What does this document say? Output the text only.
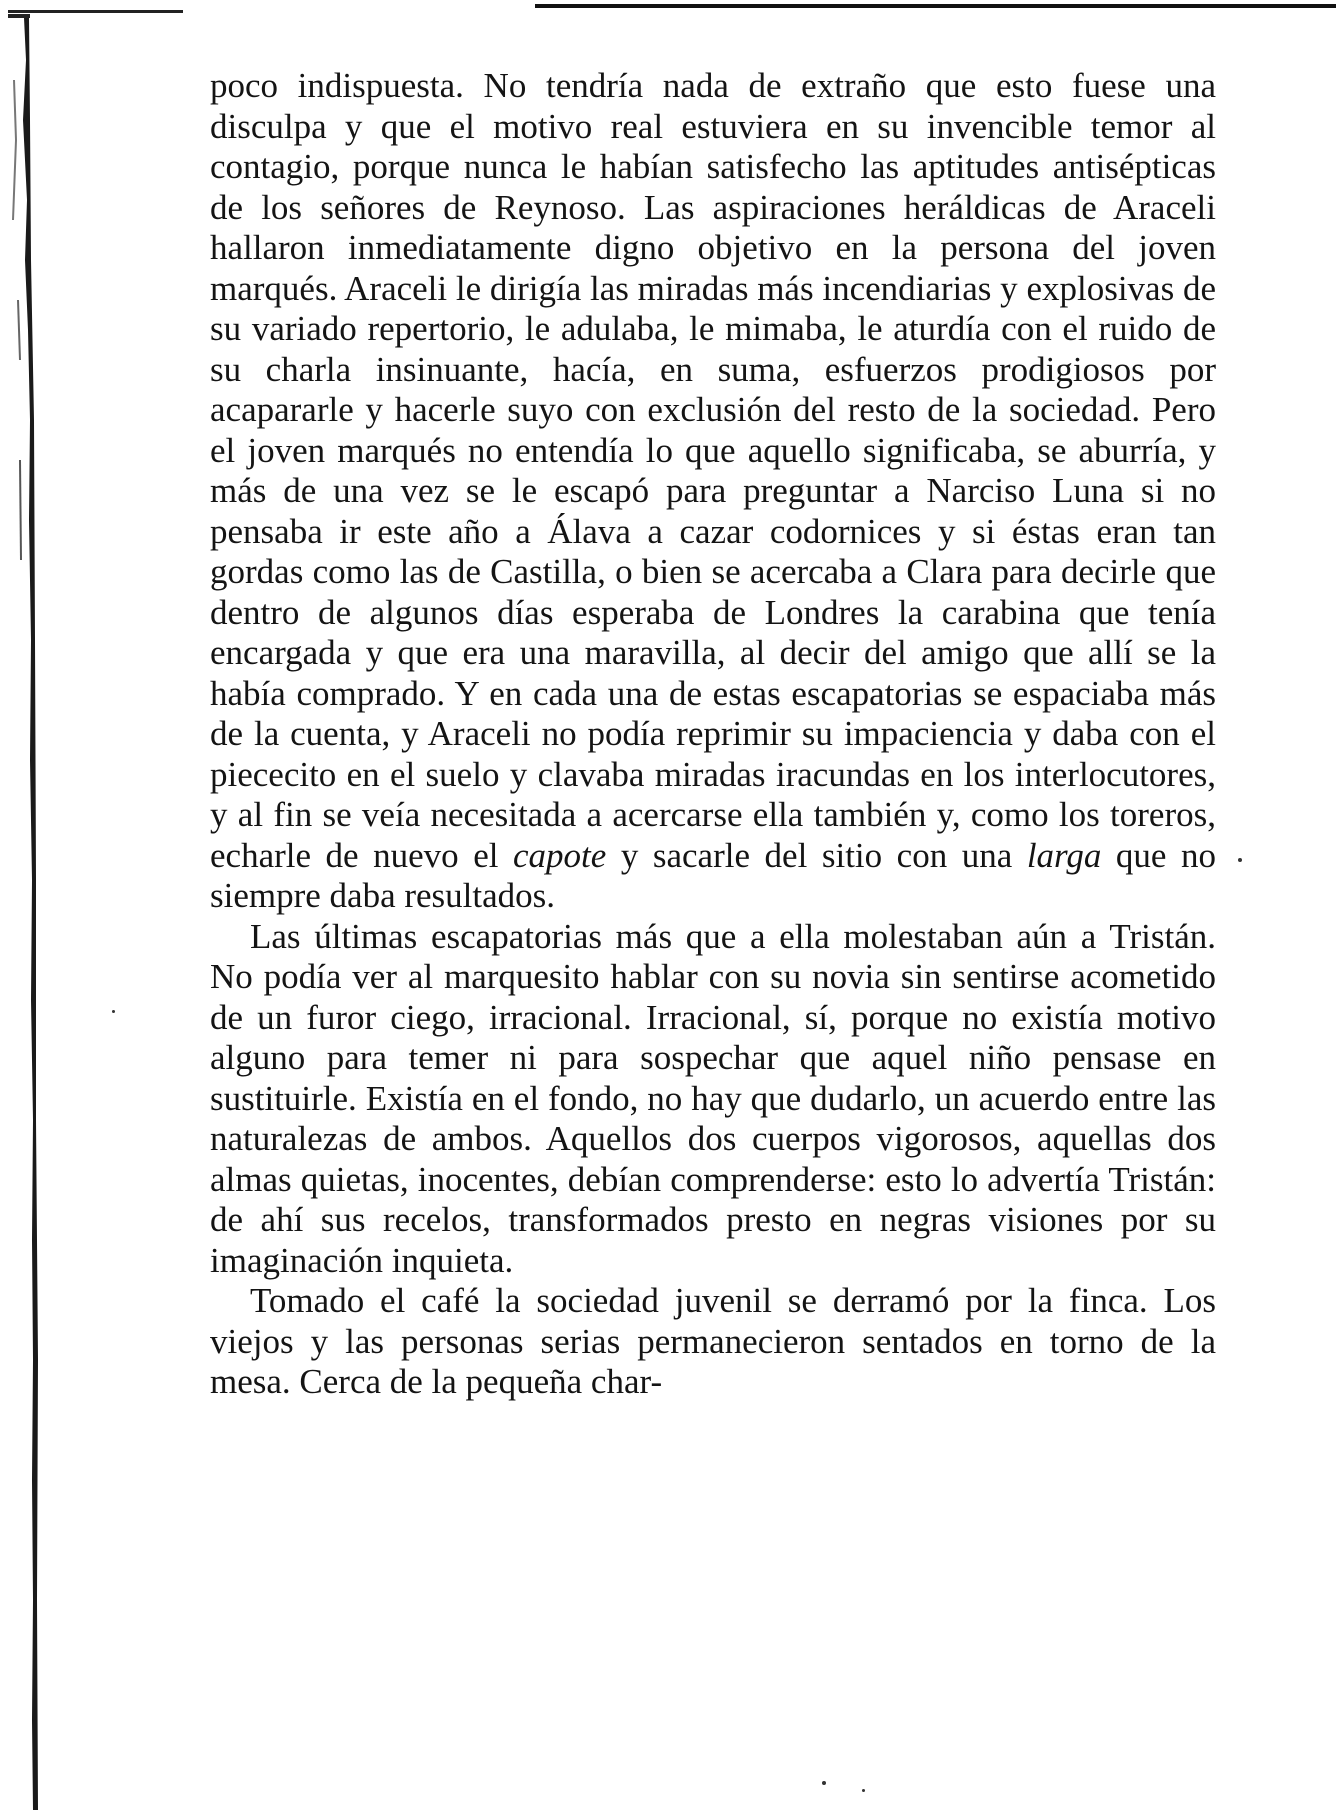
poco indispuesta. No tendría nada de extraño que esto fuese una disculpa y que el motivo real estuviera en su invencible temor al contagio, porque nunca le habían satisfecho las aptitudes antisépticas de los señores de Reynoso. Las aspiraciones heráldicas de Araceli hallaron inmediatamente digno objetivo en la persona del joven marqués. Araceli le dirigía las miradas más incendiarias y explosivas de su variado repertorio, le adulaba, le mimaba, le aturdía con el ruido de su charla insinuante, hacía, en suma, esfuerzos prodigiosos por acapararle y hacerle suyo con exclusión del resto de la sociedad. Pero el joven marqués no entendía lo que aquello significaba, se aburría, y más de una vez se le escapó para preguntar a Narciso Luna si no pensaba ir este año a Álava a cazar codornices y si éstas eran tan gordas como las de Castilla, o bien se acercaba a Clara para decirle que dentro de algunos días esperaba de Londres la carabina que tenía encargada y que era una maravilla, al decir del amigo que allí se la había comprado. Y en cada una de estas escapatorias se espaciaba más de la cuenta, y Araceli no podía reprimir su impaciencia y daba con el piececito en el suelo y clavaba miradas iracundas en los interlocutores, y al fin se veía necesitada a acercarse ella también y, como los toreros, echarle de nuevo el capote y sacarle del sitio con una larga que no siempre daba resultados.

Las últimas escapatorias más que a ella molestaban aún a Tristán. No podía ver al marquesito hablar con su novia sin sentirse acometido de un furor ciego, irracional. Irracional, sí, porque no existía motivo alguno para temer ni para sospechar que aquel niño pensase en sustituirle. Existía en el fondo, no hay que dudarlo, un acuerdo entre las naturalezas de ambos. Aquellos dos cuerpos vigorosos, aquellas dos almas quietas, inocentes, debían comprenderse: esto lo advertía Tristán: de ahí sus recelos, transformados presto en negras visiones por su imaginación inquieta.

Tomado el café la sociedad juvenil se derramó por la finca. Los viejos y las personas serias permanecieron sentados en torno de la mesa. Cerca de la pequeña char-
